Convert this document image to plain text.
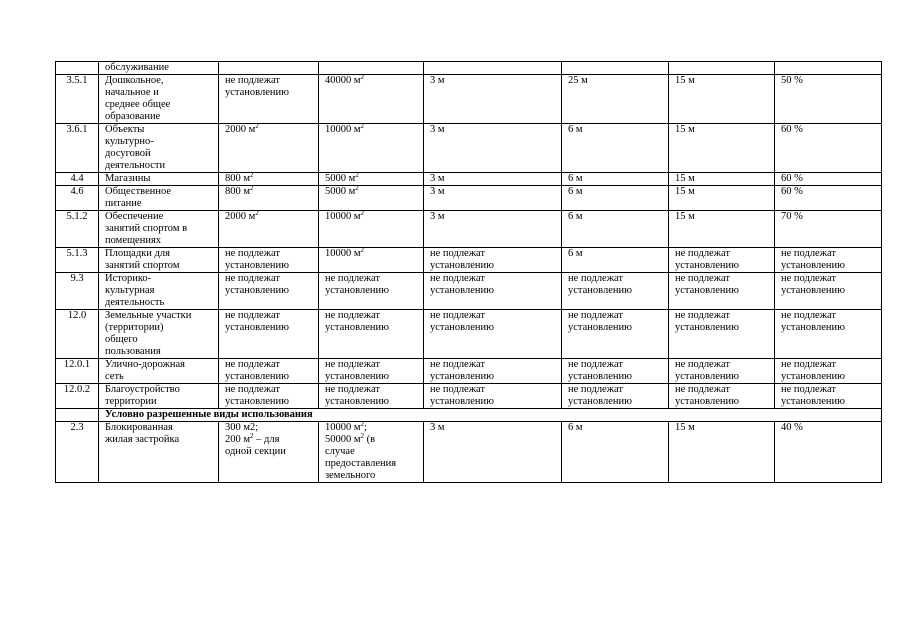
	обслуживание						

3.5.1	Дошкольное,
начальное и
среднее общее
образование	не подлежат
установлению	40000 $м^2$	3 м	25 м	15 м	50 %

3.6.1	Объекты
культурно-
досуговой
деятельности	2000 $м^2$	10000 $м^2$	3 м	6 м	15 м	60 %

4.4	Магазины	800 $м^2$	5000 $м^2$	3 м	6 м	15 м	60 %

4.6	Общественное
питание	800 $м^2$	5000 $м^2$	3 м	6 м	15 м	60 %

5.1.2	Обеспечение
занятий спортом в
помещениях	2000 $м^2$	10000 $м^2$	3 м	6 м	15 м	70 %

5.1.3	Площадки для
занятий спортом	не подлежат
установлению	10000 $м^2$	не подлежат
установлению	6 м	не подлежат
установлению	не подлежат
установлению

9.3	Историко-
культурная
деятельность	не подлежат
установлению	не подлежат
установлению	не подлежат
установлению	не подлежат
установлению	не подлежат
установлению	не подлежат
установлению

12.0	Земельные участки
(территории)
общего
пользования	не подлежат
установлению	не подлежат
установлению	не подлежат
установлению	не подлежат
установлению	не подлежат
установлению	не подлежат
установлению

12.0.1	Улично-дорожная
сеть	не подлежат
установлению	не подлежат
установлению	не подлежат
установлению	не подлежат
установлению	не подлежат
установлению	не подлежат
установлению

12.0.2	Благоустройство
территории	не подлежат
установлению	не подлежат
установлению	не подлежат
установлению	не подлежат
установлению	не подлежат
установлению	не подлежат
установлению

	Условно разрешенные виды использования						
2.3	Блокированная
жилая застройка	300 м2;
200 $м^2$ – для
одной секции	10000 $м^2$;
50000 $м^2$ (в
случае
предоставления
земельного	3 м	6 м	15 м	40 %
